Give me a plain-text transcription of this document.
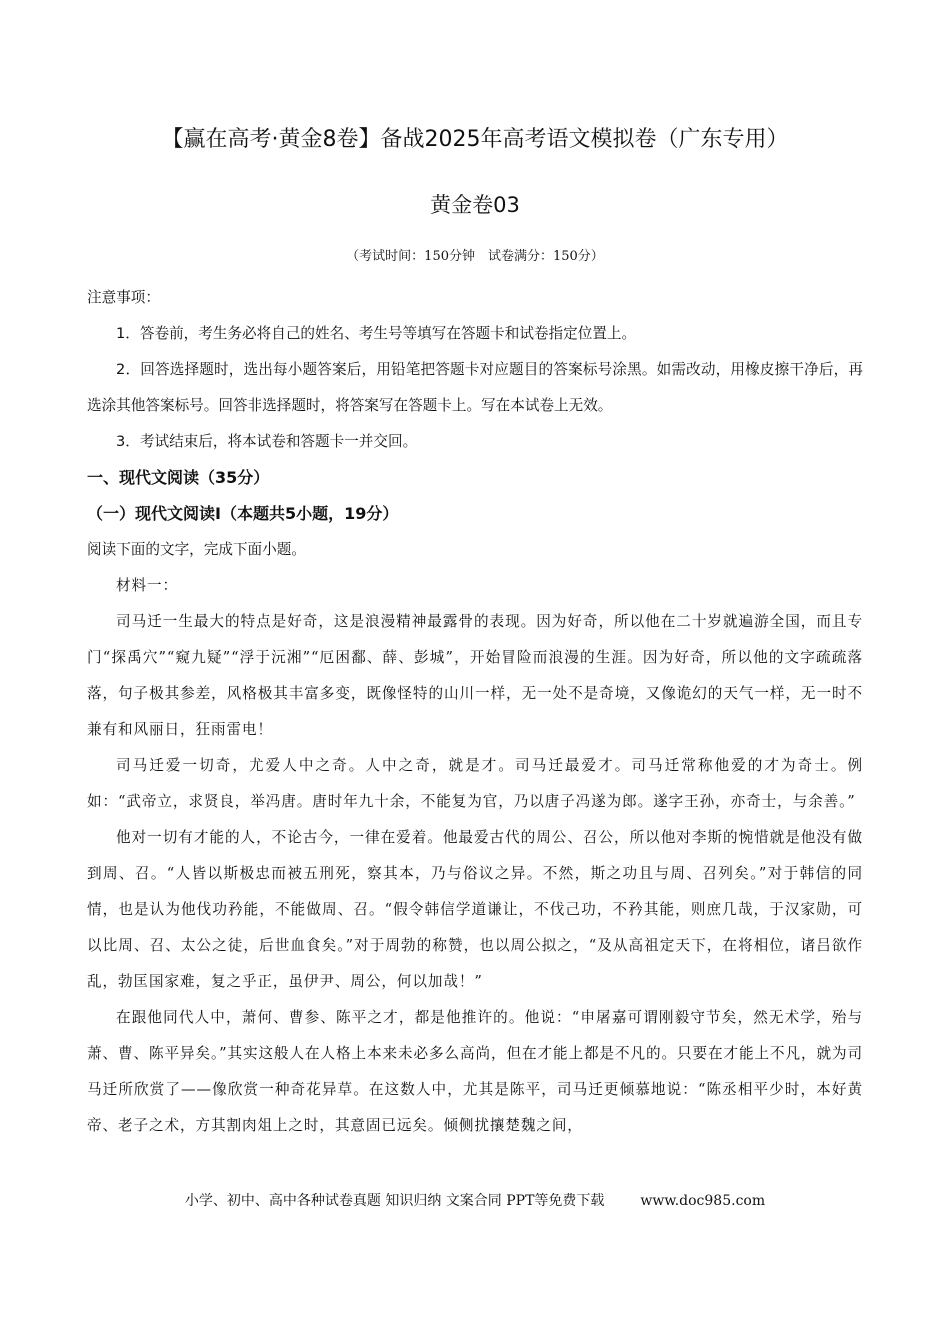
【赢在高考·黄金8卷】备战2025年高考语文模拟卷（广东专用）
黄金卷03
（考试时间：150分钟　试卷满分：150分）

注意事项：

1．答卷前，考生务必将自己的姓名、考生号等填写在答题卡和试卷指定位置上。

2．回答选择题时，选出每小题答案后，用铅笔把答题卡对应题目的答案标号涂黑。如需改动，用橡皮擦干净后，再选涂其他答案标号。回答非选择题时，将答案写在答题卡上。写在本试卷上无效。

3．考试结束后，将本试卷和答题卡一并交回。

一、现代文阅读（35分）

（一）现代文阅读Ⅰ（本题共5小题，19分）

阅读下面的文字，完成下面小题。

材料一：

司马迁一生最大的特点是好奇，这是浪漫精神最露骨的表现。因为好奇，所以他在二十岁就遍游全国，而且专门“探禹穴”“窥九疑”“浮于沅湘”“厄困鄱、薛、彭城”，开始冒险而浪漫的生涯。因为好奇，所以他的文字疏疏落落，句子极其参差，风格极其丰富多变，既像怪特的山川一样，无一处不是奇境，又像诡幻的天气一样，无一时不兼有和风丽日，狂雨雷电！

司马迁爱一切奇，尤爱人中之奇。人中之奇，就是才。司马迁最爱才。司马迁常称他爱的才为奇士。例如：“武帝立，求贤良，举冯唐。唐时年九十余，不能复为官，乃以唐子冯遂为郎。遂字王孙，亦奇士，与余善。”

他对一切有才能的人，不论古今，一律在爱着。他最爱古代的周公、召公，所以他对李斯的惋惜就是他没有做到周、召。“人皆以斯极忠而被五刑死，察其本，乃与俗议之异。不然，斯之功且与周、召列矣。”对于韩信的同情，也是认为他伐功矜能，不能做周、召。“假令韩信学道谦让，不伐己功，不矜其能，则庶几哉，于汉家勋，可以比周、召、太公之徒，后世血食矣。”对于周勃的称赞，也以周公拟之，“及从高祖定天下，在将相位，诸吕欲作乱，勃匡国家难，复之乎正，虽伊尹、周公，何以加哉！”

在跟他同代人中，萧何、曹参、陈平之才，都是他推许的。他说：“申屠嘉可谓刚毅守节矣，然无术学，殆与萧、曹、陈平异矣。”其实这般人在人格上本来未必多么高尚，但在才能上都是不凡的。只要在才能上不凡，就为司马迁所欣赏了——像欣赏一种奇花异草。在这数人中，尤其是陈平，司马迁更倾慕地说：“陈丞相平少时，本好黄帝、老子之术，方其割肉俎上之时，其意固已远矣。倾侧扰攘楚魏之间，

小学、初中、高中各种试卷真题 知识归纳 文案合同 PPT等免费下载	www.doc985.com
